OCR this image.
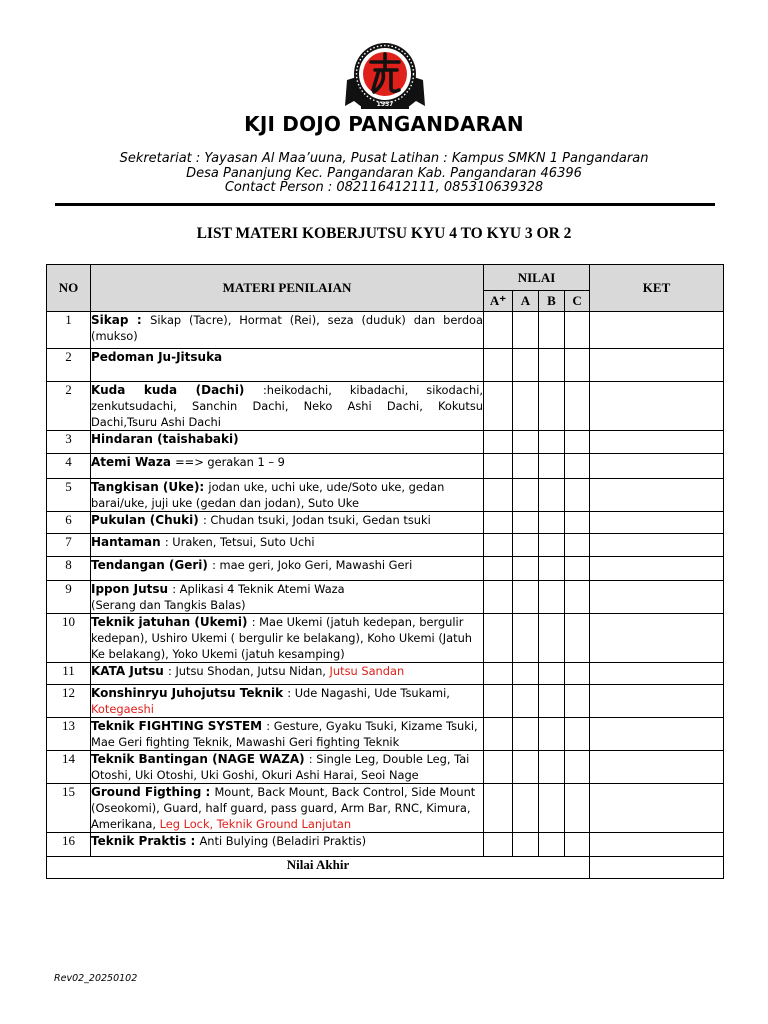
1957
KJI DOJO PANGANDARAN
Sekretariat : Yayasan Al Maa’uuna, Pusat Latihan : Kampus SMKN 1 Pangandaran
Desa Pananjung Kec. Pangandaran Kab. Pangandaran 46396
Contact Person : 082116412111, 085310639328
LIST MATERI KOBERJUTSU KYU 4 TO KYU 3 OR 2
NO	MATERI PENILAIAN	NILAI				KET
		A⁺	A	B	C	
1	Sikap : Sikap (Tacre), Hormat (Rei), seza (duduk) dan berdoa (mukso)					
2	Pedoman Ju-Jitsuka					
2	Kuda kuda (Dachi) :heikodachi, kibadachi, sikodachi, zenkutsudachi, Sanchin Dachi, Neko Ashi Dachi, Kokutsu Dachi,Tsuru Ashi Dachi					
3	Hindaran (taishabaki)					
4	Atemi Waza ==> gerakan 1 – 9					
5	Tangkisan (Uke): jodan uke, uchi uke, ude/Soto uke, gedan barai/uke, juji uke (gedan dan jodan), Suto Uke					
6	Pukulan (Chuki) : Chudan tsuki, Jodan tsuki, Gedan tsuki					
7	Hantaman : Uraken, Tetsui, Suto Uchi					
8	Tendangan (Geri) : mae geri, Joko Geri, Mawashi Geri					
9	Ippon Jutsu : Aplikasi 4 Teknik Atemi Waza
(Serang dan Tangkis Balas)					
10	Teknik jatuhan (Ukemi) : Mae Ukemi (jatuh kedepan, bergulir kedepan), Ushiro Ukemi ( bergulir ke belakang), Koho Ukemi (Jatuh Ke belakang), Yoko Ukemi (jatuh kesamping)					
11	KATA Jutsu : Jutsu Shodan, Jutsu Nidan, Jutsu Sandan					
12	Konshinryu Juhojutsu Teknik : Ude Nagashi, Ude Tsukami, Kotegaeshi					
13	Teknik FIGHTING SYSTEM : Gesture, Gyaku Tsuki, Kizame Tsuki, Mae Geri fighting Teknik, Mawashi Geri fighting Teknik					
14	Teknik Bantingan (NAGE WAZA) : Single Leg, Double Leg, Tai Otoshi, Uki Otoshi, Uki Goshi, Okuri Ashi Harai, Seoi Nage					
15	Ground Figthing : Mount, Back Mount, Back Control, Side Mount (Oseokomi), Guard, half guard, pass guard, Arm Bar, RNC, Kimura, Amerikana, Leg Lock, Teknik Ground Lanjutan					
16	Teknik Praktis : Anti Bulying (Beladiri Praktis)					
Nilai Akhir						
Rev02_20250102
